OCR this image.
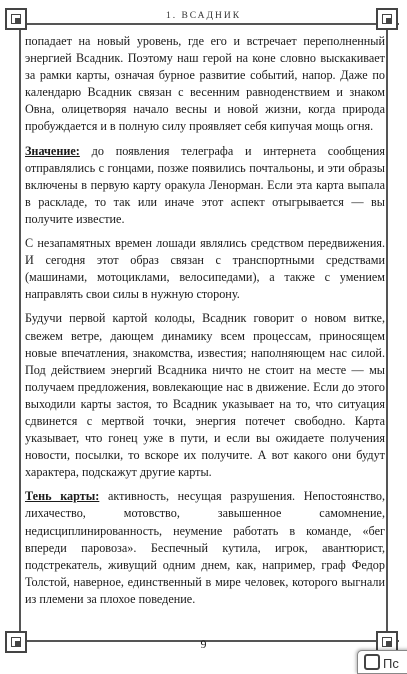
1. ВСАДНИК

попадает на новый уровень, где его и встречает переполненный энергией Всадник. Поэтому наш герой на коне словно выскакивает за рамки карты, означая бурное развитие событий, напор. Даже по календарю Всадник связан с весенним равноденствием и знаком Овна, олицетворяя начало весны и новой жизни, когда природа пробуждается и в полную силу проявляет себя кипучая мощь огня.

Значение: до появления телеграфа и интернета сообщения отправлялись с гонцами, позже появились почтальоны, и эти образы включены в первую карту оракула Ленорман. Если эта карта выпала в раскладе, то так или иначе этот аспект отыгрывается — вы получите известие.

С незапамятных времен лошади являлись средством передвижения. И сегодня этот образ связан с транспортными средствами (машинами, мотоциклами, велосипедами), а также с умением направлять свои силы в нужную сторону.

Будучи первой картой колоды, Всадник говорит о новом витке, свежем ветре, дающем динамику всем процессам, приносящем новые впечатления, знакомства, известия; наполняющем нас силой. Под действием энергий Всадника ничто не стоит на месте — мы получаем предложения, вовлекающие нас в движение. Если до этого выходили карты застоя, то Всадник указывает на то, что ситуация сдвинется с мертвой точки, энергия потечет свободно. Карта указывает, что гонец уже в пути, и если вы ожидаете получения новости, посылки, то вскоре их получите. А вот какого они будут характера, подскажут другие карты.

Тень карты: активность, несущая разрушения. Непостоянство, лихачество, мотовство, завышенное самомнение, недисциплинированность, неумение работать в команде, «бег впереди паровоза». Беспечный кутила, игрок, авантюрист, подстрекатель, живущий одним днем, как, например, граф Федор Толстой, наверное, единственный в мире человек, которого выгнали из племени за плохое поведение.

9
Пс
